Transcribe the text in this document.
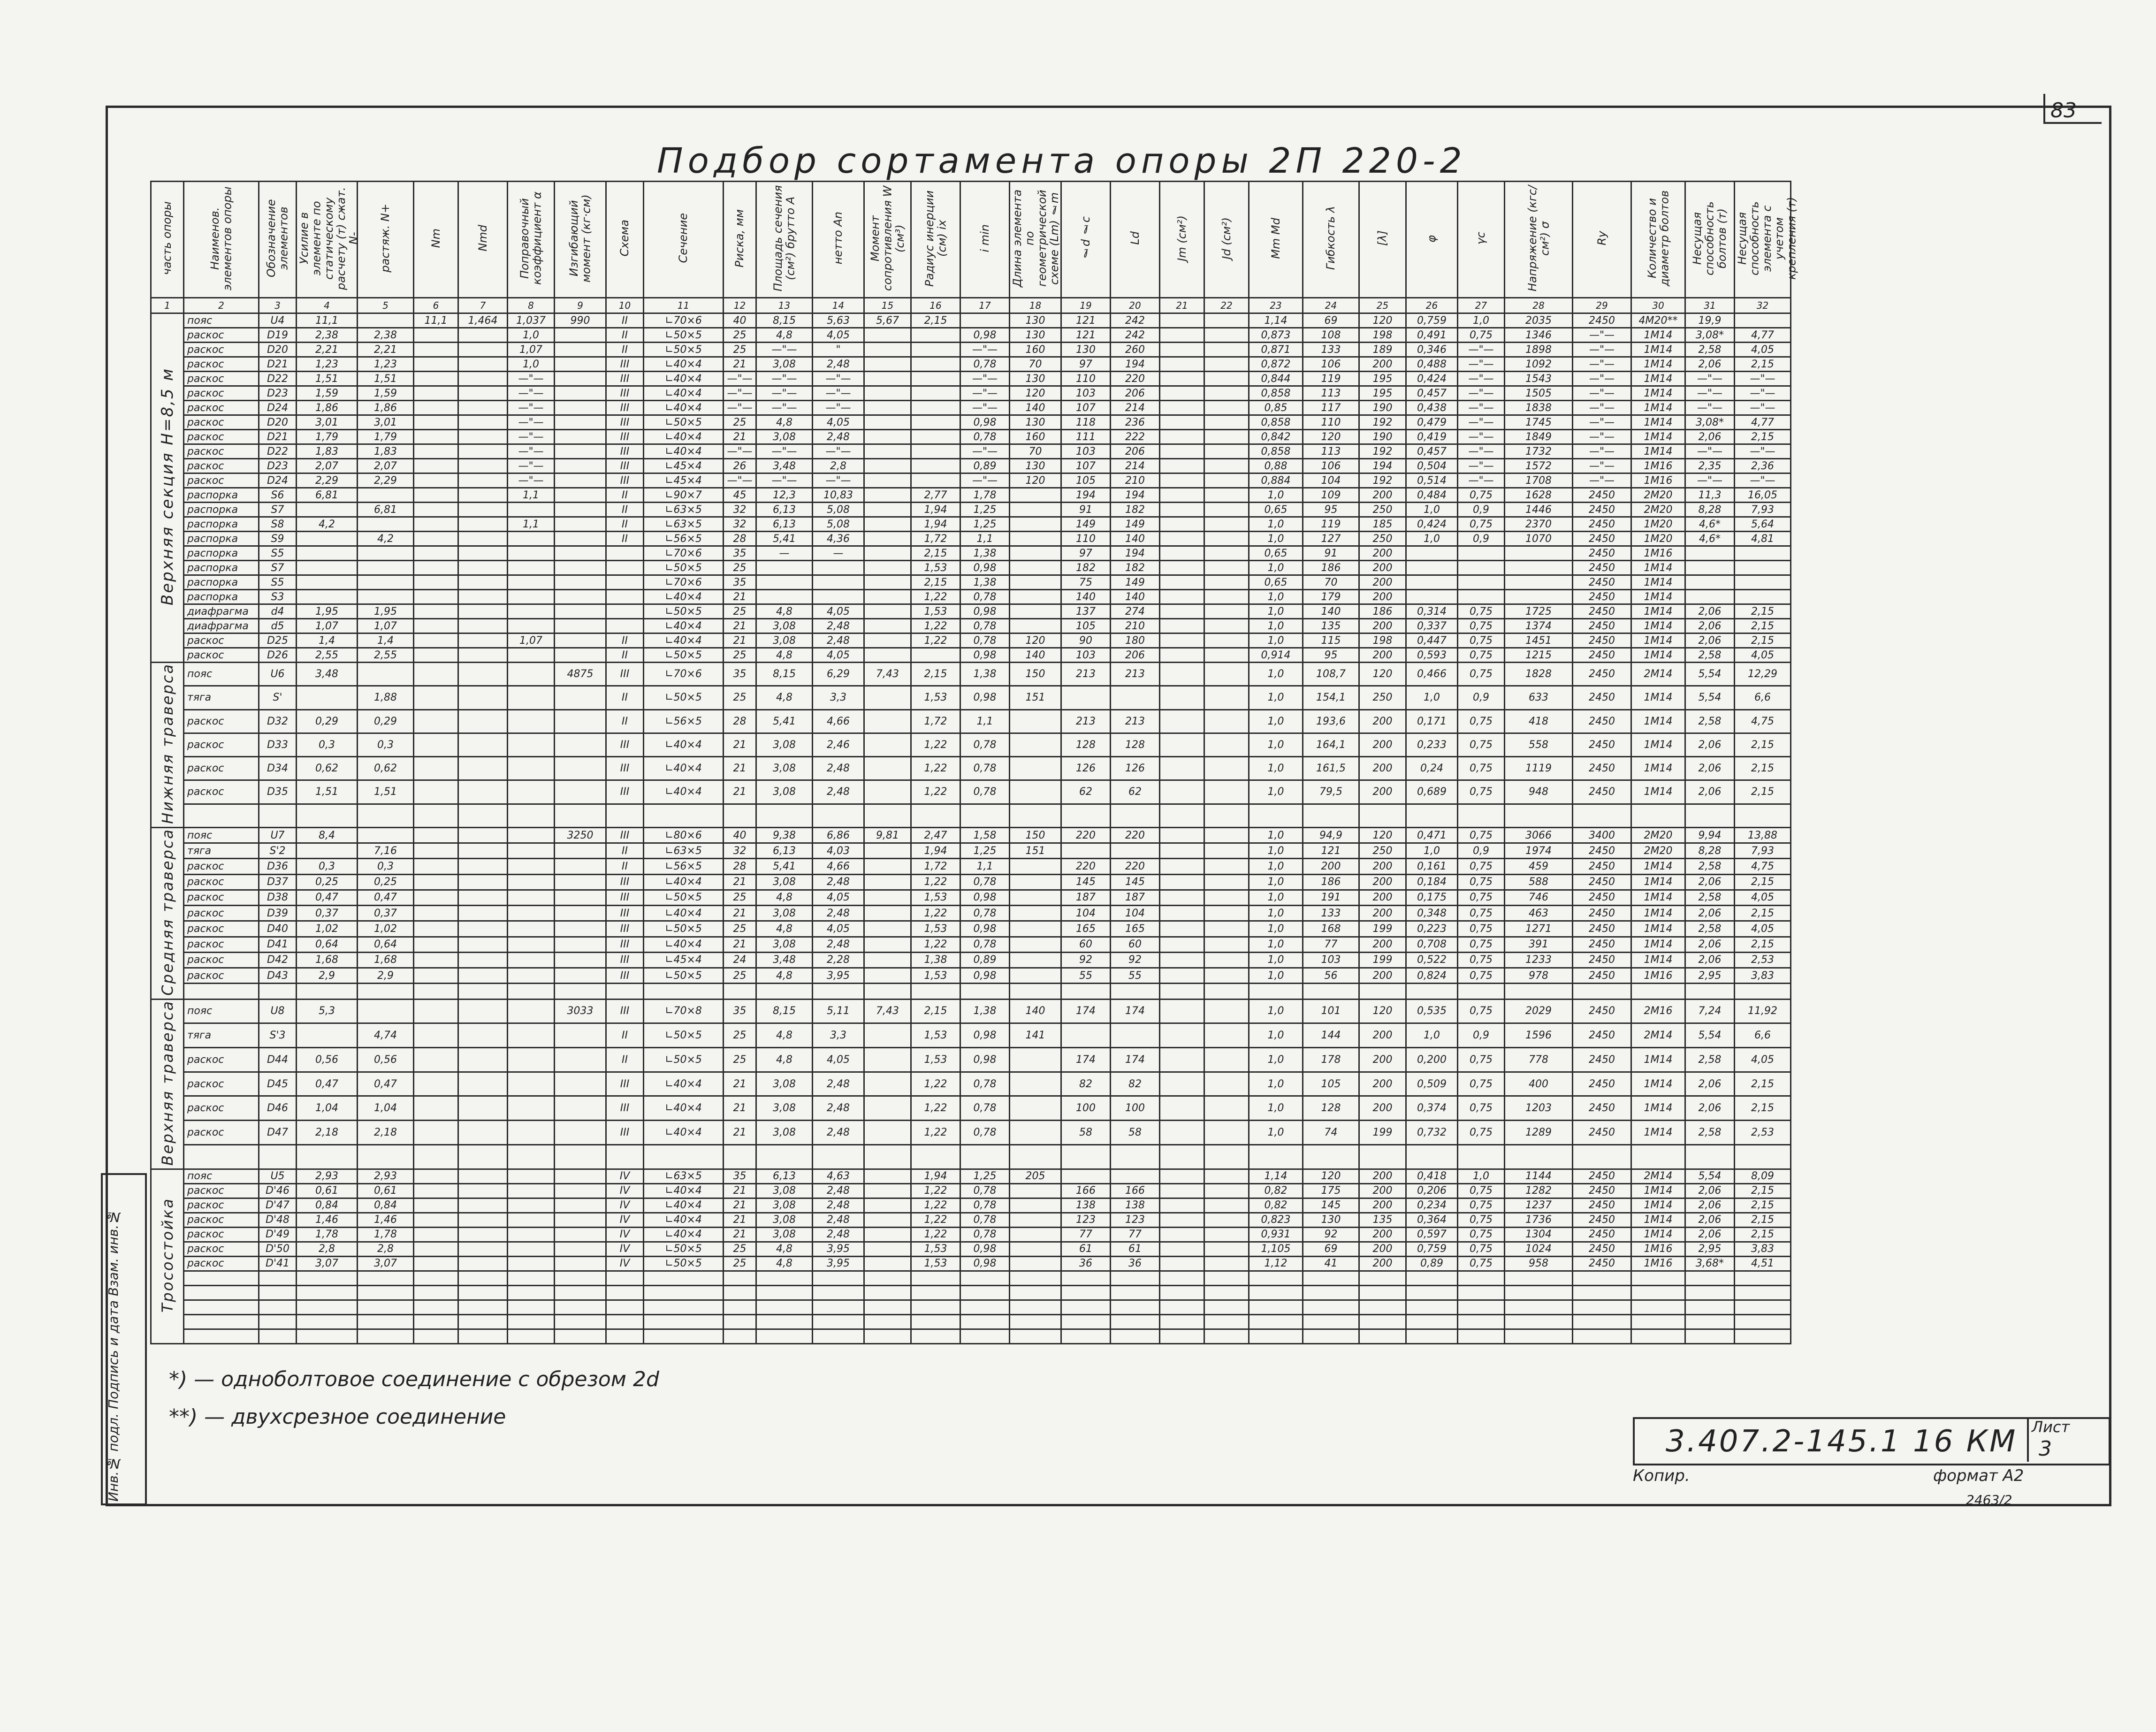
83
Подбор сортамента опоры 2П 220-2
часть опоры	Наименов. элементов опоры	Обозначение элементов	Усилие в элементе по статическому расчету (т) сжат. N-	растяж. N+	Nm	Nmd	Поправочный коэффициент α	Изгибающий момент (кг·см)	Схема	Сечение	Риска, мм	Площадь сечения (см²) брутто A	нетто An	Момент сопротивления W (см³)	Радиус инерции (см) ix	i min	Длина элемента по геометрической схеме (Lm) ℓm	ℓd ℓc	Ld	Jm (см²)	Jd (см²)	Mm Md	Гибкость λ	[λ]	φ	γc	Напряжение (кгс/см²) σ	Ry	Количество и диаметр болтов	Несущая способность болтов (т)	Несущая способность элемента с учетом крепления (т)
1	2	3	4	5	6	7	8	9	10	11	12	13	14	15	16	17	18	19	20	21	22	23	24	25	26	27	28	29	30	31	32
Верхняя секция H=8,5 м	пояс	U4	11,1		11,1	1,464	1,037	990	II	∟70×6	40	8,15	5,63	5,67	2,15		130	121	242			1,14	69	120	0,759	1,0	2035	2450	4М20**	19,9	
	раскос	D19	2,38	2,38			1,0		II	∟50×5	25	4,8	4,05			0,98	130	121	242			0,873	108	198	0,491	0,75	1346	—"—	1М14	3,08*	4,77
	раскос	D20	2,21	2,21			1,07		II	∟50×5	25	—"—	"			—"—	160	130	260			0,871	133	189	0,346	—"—	1898	—"—	1М14	2,58	4,05
	раскос	D21	1,23	1,23			1,0		III	∟40×4	21	3,08	2,48			0,78	70	97	194			0,872	106	200	0,488	—"—	1092	—"—	1М14	2,06	2,15
	раскос	D22	1,51	1,51			—"—		III	∟40×4	—"—	—"—	—"—			—"—	130	110	220			0,844	119	195	0,424	—"—	1543	—"—	1М14	—"—	—"—
	раскос	D23	1,59	1,59			—"—		III	∟40×4	—"—	—"—	—"—			—"—	120	103	206			0,858	113	195	0,457	—"—	1505	—"—	1М14	—"—	—"—
	раскос	D24	1,86	1,86			—"—		III	∟40×4	—"—	—"—	—"—			—"—	140	107	214			0,85	117	190	0,438	—"—	1838	—"—	1М14	—"—	—"—
	раскос	D20	3,01	3,01			—"—		III	∟50×5	25	4,8	4,05			0,98	130	118	236			0,858	110	192	0,479	—"—	1745	—"—	1М14	3,08*	4,77
	раскос	D21	1,79	1,79			—"—		III	∟40×4	21	3,08	2,48			0,78	160	111	222			0,842	120	190	0,419	—"—	1849	—"—	1М14	2,06	2,15
	раскос	D22	1,83	1,83			—"—		III	∟40×4	—"—	—"—	—"—			—"—	70	103	206			0,858	113	192	0,457	—"—	1732	—"—	1М14	—"—	—"—
	раскос	D23	2,07	2,07			—"—		III	∟45×4	26	3,48	2,8			0,89	130	107	214			0,88	106	194	0,504	—"—	1572	—"—	1М16	2,35	2,36
	раскос	D24	2,29	2,29			—"—		III	∟45×4	—"—	—"—	—"—			—"—	120	105	210			0,884	104	192	0,514	—"—	1708	—"—	1М16	—"—	—"—
	распорка	S6	6,81				1,1		II	∟90×7	45	12,3	10,83		2,77	1,78		194	194			1,0	109	200	0,484	0,75	1628	2450	2М20	11,3	16,05
	распорка	S7		6,81					II	∟63×5	32	6,13	5,08		1,94	1,25		91	182			0,65	95	250	1,0	0,9	1446	2450	2М20	8,28	7,93
	распорка	S8	4,2				1,1		II	∟63×5	32	6,13	5,08		1,94	1,25		149	149			1,0	119	185	0,424	0,75	2370	2450	1М20	4,6*	5,64
	распорка	S9		4,2					II	∟56×5	28	5,41	4,36		1,72	1,1		110	140			1,0	127	250	1,0	0,9	1070	2450	1М20	4,6*	4,81
	распорка	S5								∟70×6	35	—	—		2,15	1,38		97	194			0,65	91	200				2450	1М16		
	распорка	S7								∟50×5	25				1,53	0,98		182	182			1,0	186	200				2450	1М14		
	распорка	S5								∟70×6	35				2,15	1,38		75	149			0,65	70	200				2450	1М14		
	распорка	S3								∟40×4	21				1,22	0,78		140	140			1,0	179	200				2450	1М14		
	диафрагма	d4	1,95	1,95						∟50×5	25	4,8	4,05		1,53	0,98		137	274			1,0	140	186	0,314	0,75	1725	2450	1М14	2,06	2,15
	диафрагма	d5	1,07	1,07						∟40×4	21	3,08	2,48		1,22	0,78		105	210			1,0	135	200	0,337	0,75	1374	2450	1М14	2,06	2,15
	раскос	D25	1,4	1,4			1,07		II	∟40×4	21	3,08	2,48		1,22	0,78	120	90	180			1,0	115	198	0,447	0,75	1451	2450	1М14	2,06	2,15
	раскос	D26	2,55	2,55					II	∟50×5	25	4,8	4,05			0,98	140	103	206			0,914	95	200	0,593	0,75	1215	2450	1М14	2,58	4,05
Нижняя траверса	пояс	U6	3,48					4875	III	∟70×6	35	8,15	6,29	7,43	2,15	1,38	150	213	213			1,0	108,7	120	0,466	0,75	1828	2450	2М14	5,54	12,29
	тяга	S'		1,88					II	∟50×5	25	4,8	3,3		1,53	0,98	151					1,0	154,1	250	1,0	0,9	633	2450	1М14	5,54	6,6
	раскос	D32	0,29	0,29					II	∟56×5	28	5,41	4,66		1,72	1,1		213	213			1,0	193,6	200	0,171	0,75	418	2450	1М14	2,58	4,75
	раскос	D33	0,3	0,3					III	∟40×4	21	3,08	2,46		1,22	0,78		128	128			1,0	164,1	200	0,233	0,75	558	2450	1М14	2,06	2,15
	раскос	D34	0,62	0,62					III	∟40×4	21	3,08	2,48		1,22	0,78		126	126			1,0	161,5	200	0,24	0,75	1119	2450	1М14	2,06	2,15
	раскос	D35	1,51	1,51					III	∟40×4	21	3,08	2,48		1,22	0,78		62	62			1,0	79,5	200	0,689	0,75	948	2450	1М14	2,06	2,15

Средняя траверса	пояс	U7	8,4					3250	III	∟80×6	40	9,38	6,86	9,81	2,47	1,58	150	220	220			1,0	94,9	120	0,471	0,75	3066	3400	2М20	9,94	13,88
	тяга	S'2		7,16					II	∟63×5	32	6,13	4,03		1,94	1,25	151					1,0	121	250	1,0	0,9	1974	2450	2М20	8,28	7,93
	раскос	D36	0,3	0,3					II	∟56×5	28	5,41	4,66		1,72	1,1		220	220			1,0	200	200	0,161	0,75	459	2450	1М14	2,58	4,75
	раскос	D37	0,25	0,25					III	∟40×4	21	3,08	2,48		1,22	0,78		145	145			1,0	186	200	0,184	0,75	588	2450	1М14	2,06	2,15
	раскос	D38	0,47	0,47					III	∟50×5	25	4,8	4,05		1,53	0,98		187	187			1,0	191	200	0,175	0,75	746	2450	1М14	2,58	4,05
	раскос	D39	0,37	0,37					III	∟40×4	21	3,08	2,48		1,22	0,78		104	104			1,0	133	200	0,348	0,75	463	2450	1М14	2,06	2,15
	раскос	D40	1,02	1,02					III	∟50×5	25	4,8	4,05		1,53	0,98		165	165			1,0	168	199	0,223	0,75	1271	2450	1М14	2,58	4,05
	раскос	D41	0,64	0,64					III	∟40×4	21	3,08	2,48		1,22	0,78		60	60			1,0	77	200	0,708	0,75	391	2450	1М14	2,06	2,15
	раскос	D42	1,68	1,68					III	∟45×4	24	3,48	2,28		1,38	0,89		92	92			1,0	103	199	0,522	0,75	1233	2450	1М14	2,06	2,53
	раскос	D43	2,9	2,9					III	∟50×5	25	4,8	3,95		1,53	0,98		55	55			1,0	56	200	0,824	0,75	978	2450	1М16	2,95	3,83

Верхняя траверса	пояс	U8	5,3					3033	III	∟70×8	35	8,15	5,11	7,43	2,15	1,38	140	174	174			1,0	101	120	0,535	0,75	2029	2450	2М16	7,24	11,92
	тяга	S'3		4,74					II	∟50×5	25	4,8	3,3		1,53	0,98	141					1,0	144	200	1,0	0,9	1596	2450	2М14	5,54	6,6
	раскос	D44	0,56	0,56					II	∟50×5	25	4,8	4,05		1,53	0,98		174	174			1,0	178	200	0,200	0,75	778	2450	1М14	2,58	4,05
	раскос	D45	0,47	0,47					III	∟40×4	21	3,08	2,48		1,22	0,78		82	82			1,0	105	200	0,509	0,75	400	2450	1М14	2,06	2,15
	раскос	D46	1,04	1,04					III	∟40×4	21	3,08	2,48		1,22	0,78		100	100			1,0	128	200	0,374	0,75	1203	2450	1М14	2,06	2,15
	раскос	D47	2,18	2,18					III	∟40×4	21	3,08	2,48		1,22	0,78		58	58			1,0	74	199	0,732	0,75	1289	2450	1М14	2,58	2,53

Тросостойка	пояс	U5	2,93	2,93					IV	∟63×5	35	6,13	4,63		1,94	1,25	205					1,14	120	200	0,418	1,0	1144	2450	2М14	5,54	8,09
	раскос	D'46	0,61	0,61					IV	∟40×4	21	3,08	2,48		1,22	0,78		166	166			0,82	175	200	0,206	0,75	1282	2450	1М14	2,06	2,15
	раскос	D'47	0,84	0,84					IV	∟40×4	21	3,08	2,48		1,22	0,78		138	138			0,82	145	200	0,234	0,75	1237	2450	1М14	2,06	2,15
	раскос	D'48	1,46	1,46					IV	∟40×4	21	3,08	2,48		1,22	0,78		123	123			0,823	130	135	0,364	0,75	1736	2450	1М14	2,06	2,15
	раскос	D'49	1,78	1,78					IV	∟40×4	21	3,08	2,48		1,22	0,78		77	77			0,931	92	200	0,597	0,75	1304	2450	1М14	2,06	2,15
	раскос	D'50	2,8	2,8					IV	∟50×5	25	4,8	3,95		1,53	0,98		61	61			1,105	69	200	0,759	0,75	1024	2450	1М16	2,95	3,83
	раскос	D'41	3,07	3,07					IV	∟50×5	25	4,8	3,95		1,53	0,98		36	36			1,12	41	200	0,89	0,75	958	2450	1М16	3,68*	4,51

*) — одноболтовое соединение с обрезом 2d
**) — двухсрезное соединение
Инв.№ подл. Подпись и дата Взам. инв.№	3.407.2-145.1 16 КМ Лист
3
Копир.	формат А2
2463/2
